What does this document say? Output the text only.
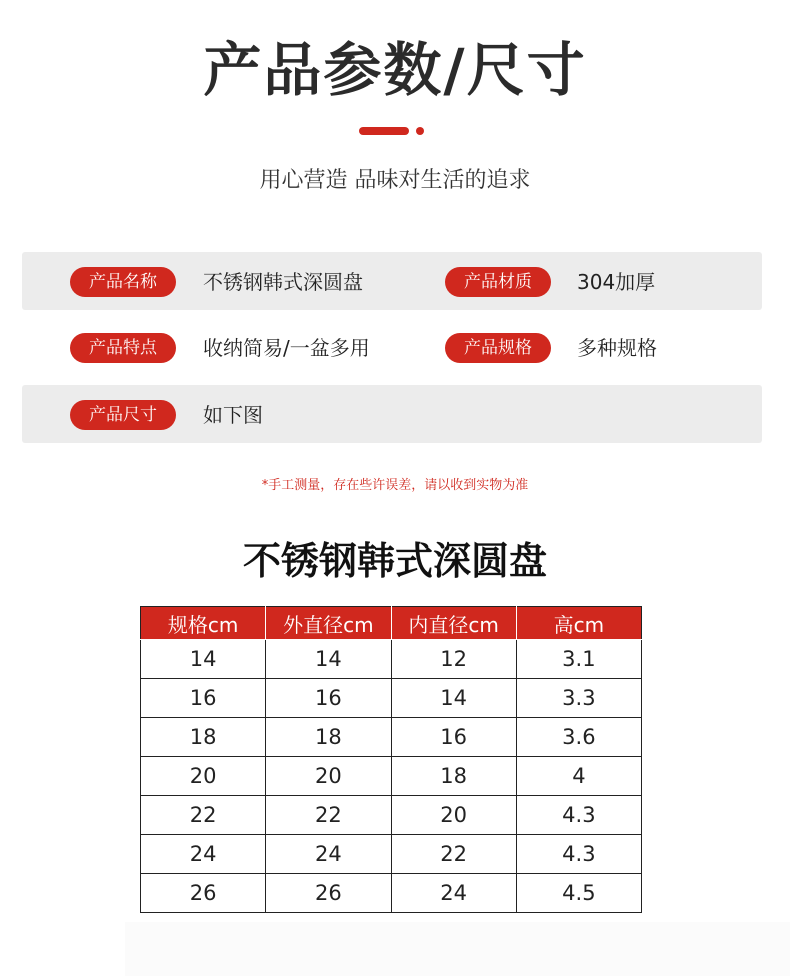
产品参数/尺寸
用心营造 品味对生活的追求
产品名称	不锈钢韩式深圆盘	产品材质	304加厚
产品特点	收纳简易/一盆多用	产品规格	多种规格
产品尺寸	如下图
*手工测量，存在些许误差，请以收到实物为准
不锈钢韩式深圆盘
规格cm	外直径cm	内直径cm	高cm
14	14	12	3.1
16	16	14	3.3
18	18	16	3.6
20	20	18	4
22	22	20	4.3
24	24	22	4.3
26	26	24	4.5
